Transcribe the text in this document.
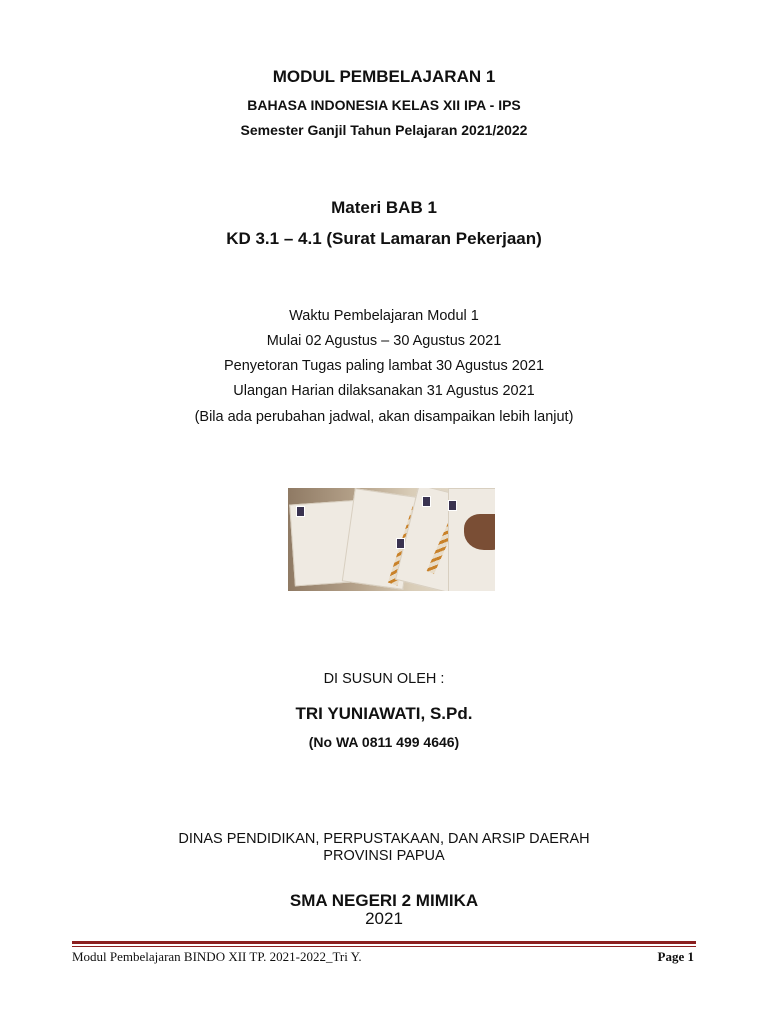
MODUL PEMBELAJARAN 1
BAHASA INDONESIA KELAS XII IPA - IPS
Semester Ganjil Tahun Pelajaran 2021/2022
Materi BAB 1
KD 3.1 – 4.1 (Surat Lamaran Pekerjaan)
Waktu Pembelajaran Modul 1
Mulai 02 Agustus – 30 Agustus 2021
Penyetoran Tugas paling lambat 30 Agustus 2021
Ulangan Harian dilaksanakan 31 Agustus 2021
(Bila ada perubahan jadwal, akan disampaikan lebih lanjut)
DI SUSUN OLEH :
TRI YUNIAWATI, S.Pd.
(No WA 0811 499 4646)
DINAS PENDIDIKAN, PERPUSTAKAAN, DAN ARSIP DAERAH
PROVINSI PAPUA
SMA NEGERI 2 MIMIKA
2021
Modul Pembelajaran BINDO XII TP. 2021-2022_Tri Y.	Page 1
